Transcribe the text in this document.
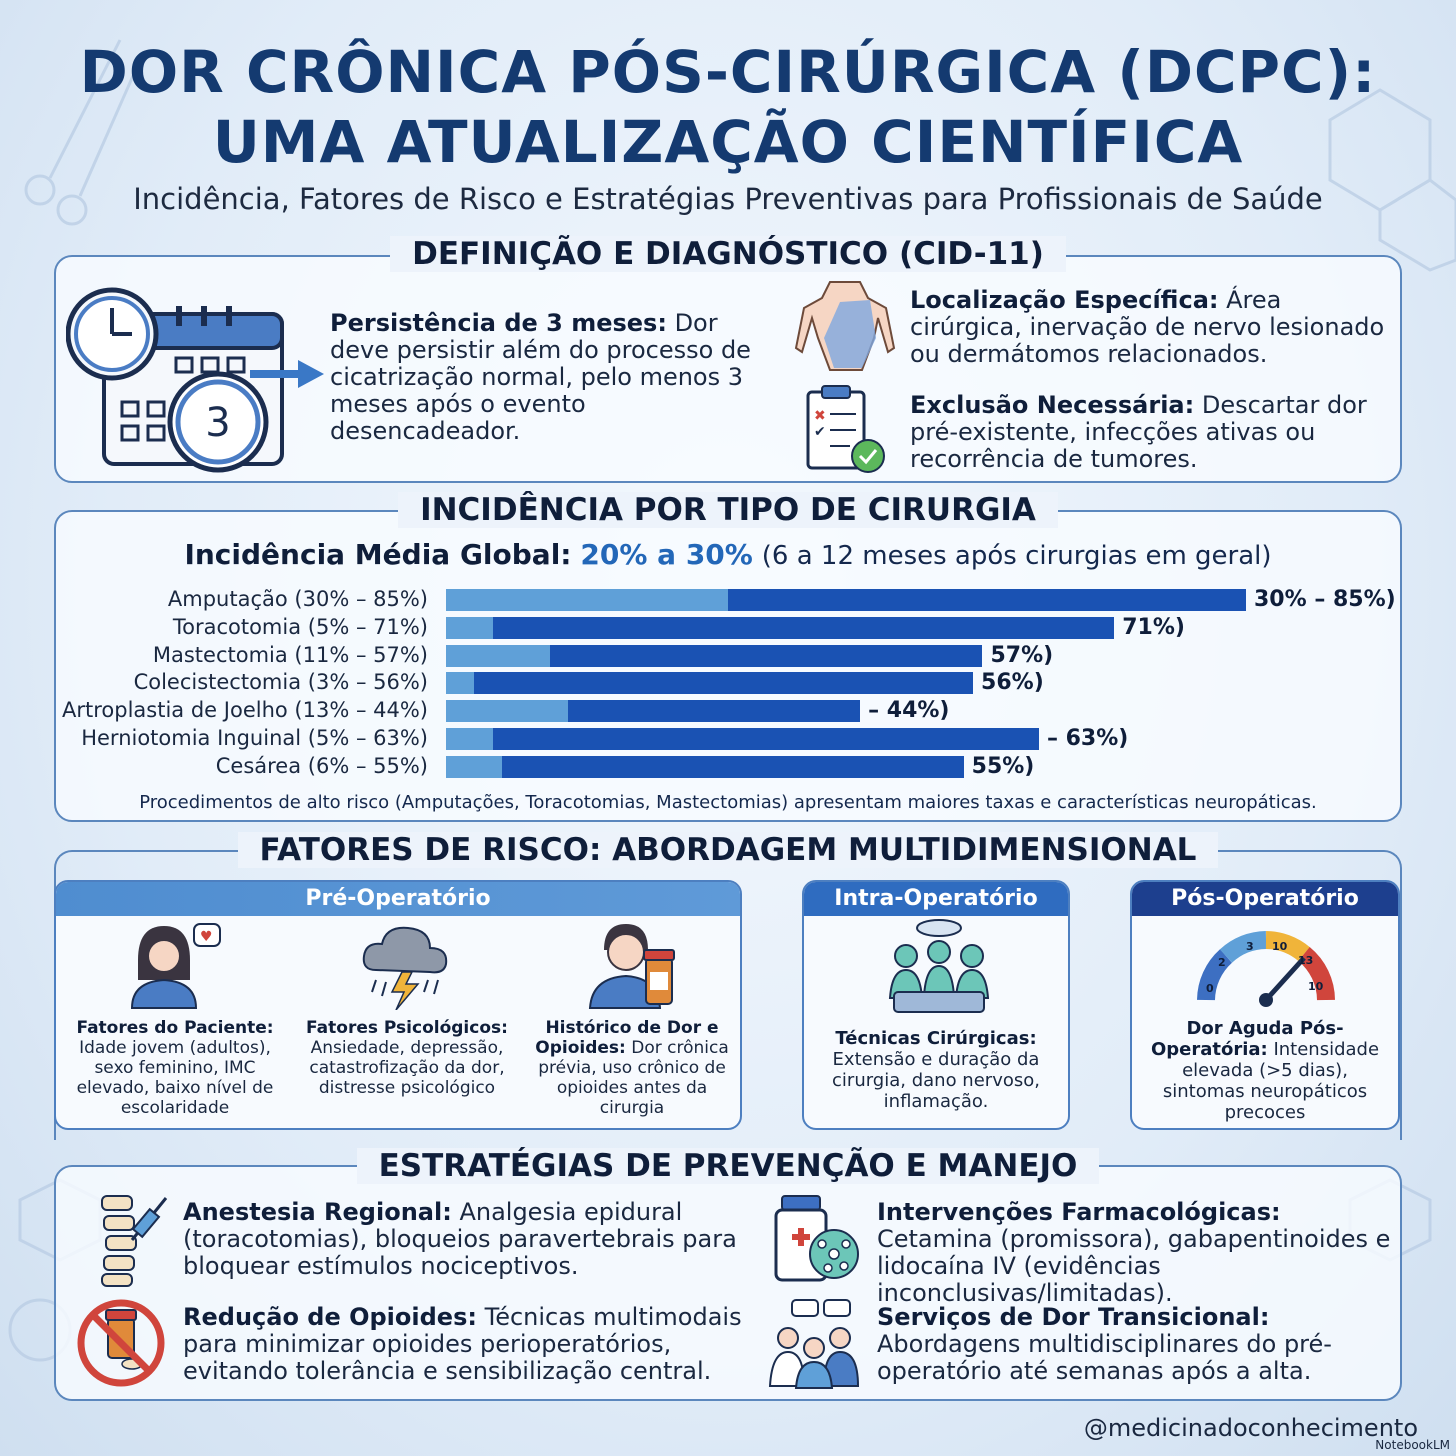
DOR CRÔNICA PÓS-CIRÚRGICA (DCPC):
UMA ATUALIZAÇÃO CIENTÍFICA
Incidência, Fatores de Risco e Estratégias Preventivas para Profissionais de Saúde
DEFINIÇÃO E DIAGNÓSTICO (CID-11)
3
Persistência de 3 meses: Dor deve persistir além do processo de cicatrização normal, pelo menos 3 meses após o evento desencadeador.
Localização Específica: Área cirúrgica, inervação de nervo lesionado ou dermátomos relacionados.
✖
✔
Exclusão Necessária: Descartar dor pré-existente, infecções ativas ou recorrência de tumores.
INCIDÊNCIA POR TIPO DE CIRURGIA
Incidência Média Global: 20% a 30% (6 a 12 meses após cirurgias em geral)
Amputação (30% – 85%)	30% – 85%)
Toracotomia (5% – 71%)	71%)
Mastectomia (11% – 57%)	57%)
Colecistectomia (3% – 56%)	56%)
Artroplastia de Joelho (13% – 44%)	– 44%)
Herniotomia Inguinal (5% – 63%)	– 63%)
Cesárea (6% – 55%)	55%)
Procedimentos de alto risco (Amputações, Toracotomias, Mastectomias) apresentam maiores taxas e características neuropáticas.
FATORES DE RISCO: ABORDAGEM MULTIDIMENSIONAL
Pré-Operatório
♥
Fatores do Paciente: Idade jovem (adultos), sexo feminino, IMC elevado, baixo nível de escolaridade
Fatores Psicológicos: Ansiedade, depressão, catastrofização da dor, distresse psicológico
Histórico de Dor e Opioides: Dor crônica prévia, uso crônico de opioides antes da cirurgia
Intra-Operatório
Técnicas Cirúrgicas: Extensão e duração da cirurgia, dano nervoso, inflamação.
Pós-Operatório
0
2
3 10
13
10
Dor Aguda Pós-Operatória: Intensidade elevada (>5 dias), sintomas neuropáticos precoces
ESTRATÉGIAS DE PREVENÇÃO E MANEJO
Anestesia Regional: Analgesia epidural (toracotomias), bloqueios paravertebrais para bloquear estímulos nociceptivos.
Redução de Opioides: Técnicas multimodais para minimizar opioides perioperatórios, evitando tolerância e sensibilização central.
Intervenções Farmacológicas: Cetamina (promissora), gabapentinoides e lidocaína IV (evidências inconclusivas/limitadas).
Serviços de Dor Transicional: Abordagens multidisciplinares do pré-operatório até semanas após a alta.
@medicinadoconhecimento
NotebookLM
